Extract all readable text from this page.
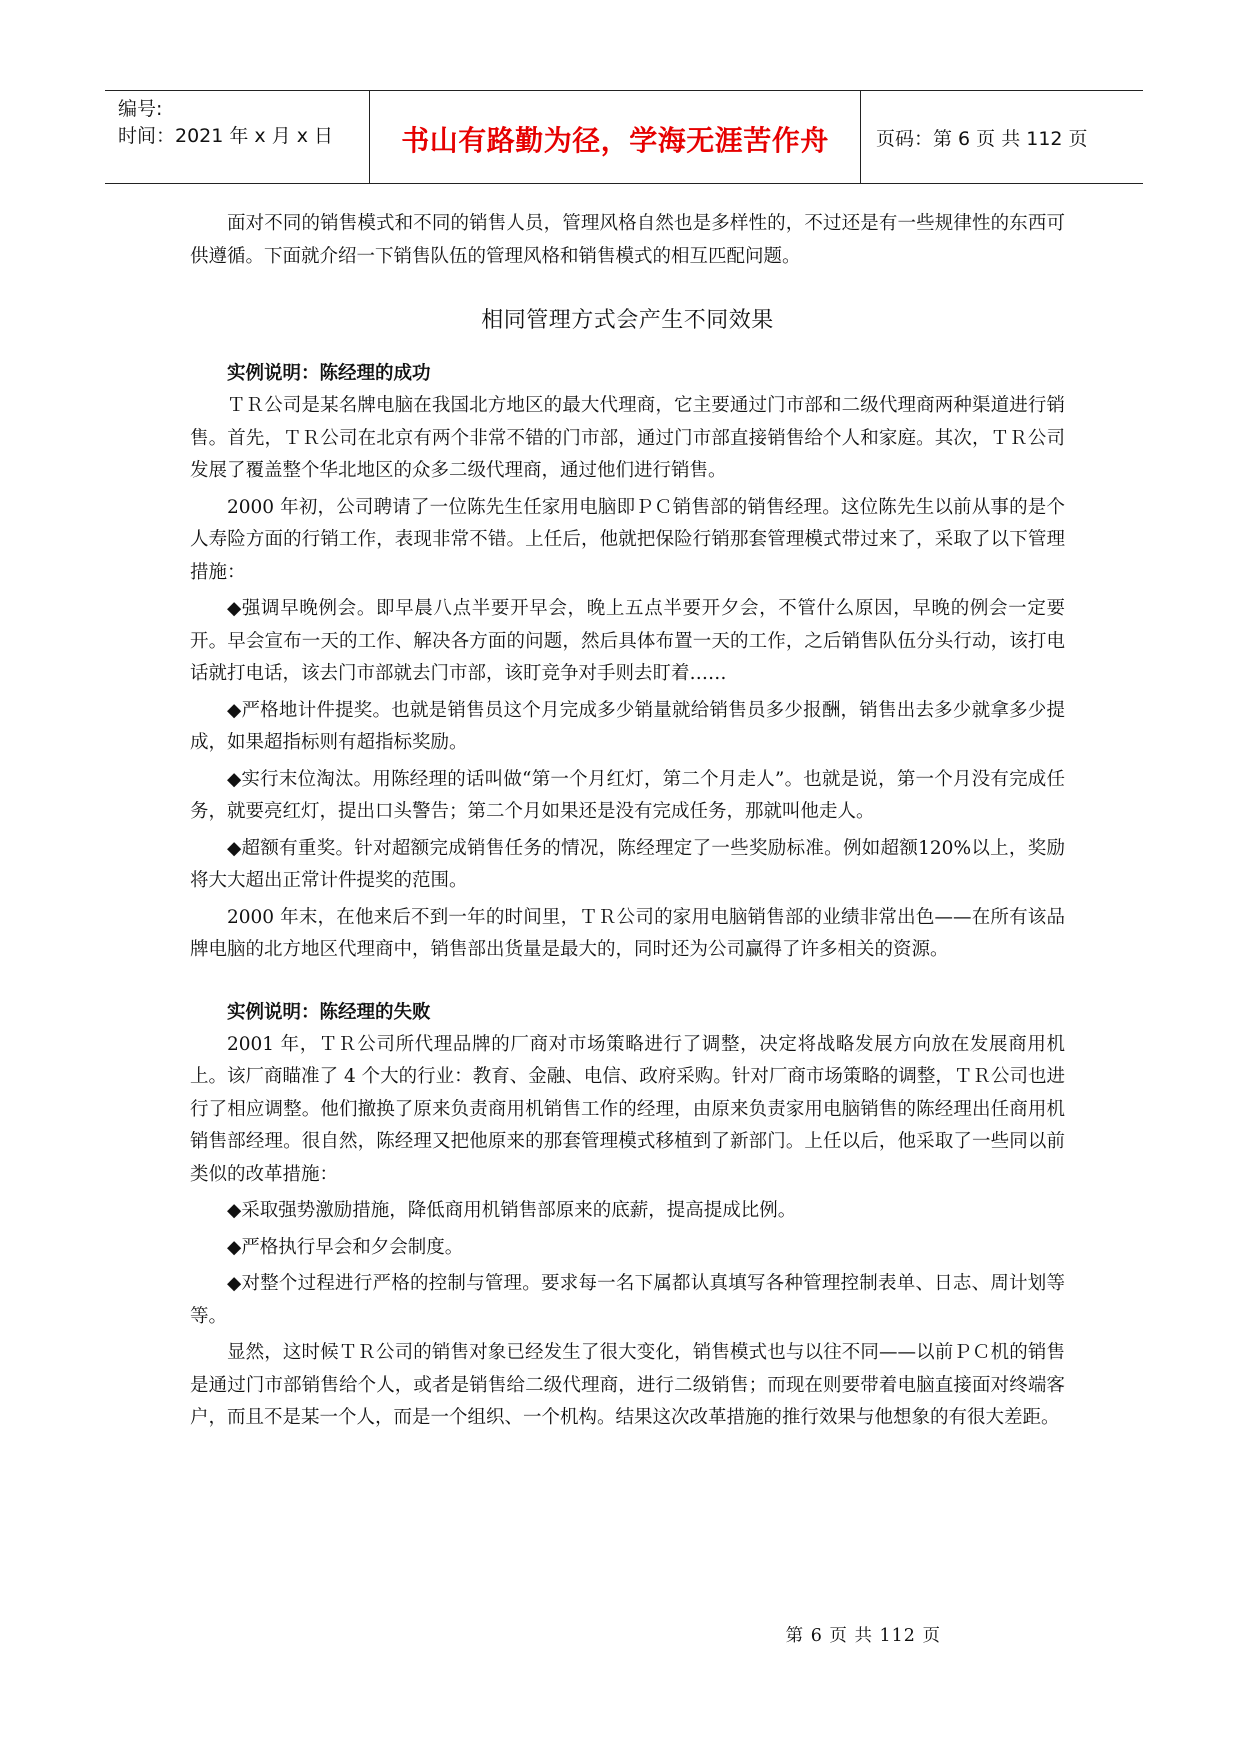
编号:
时间：2021 年 x 月 x 日	书山有路勤为径，学海无涯苦作舟	页码：第 6 页 共 112 页

面对不同的销售模式和不同的销售人员，管理风格自然也是多样性的，不过还是有一些规律性的东西可供遵循。下面就介绍一下销售队伍的管理风格和销售模式的相互匹配问题。

相同管理方式会产生不同效果
实例说明：陈经理的成功

ＴＲ公司是某名牌电脑在我国北方地区的最大代理商，它主要通过门市部和二级代理商两种渠道进行销售。首先，ＴＲ公司在北京有两个非常不错的门市部，通过门市部直接销售给个人和家庭。其次，ＴＲ公司发展了覆盖整个华北地区的众多二级代理商，通过他们进行销售。

2000 年初，公司聘请了一位陈先生任家用电脑即ＰＣ销售部的销售经理。这位陈先生以前从事的是个人寿险方面的行销工作，表现非常不错。上任后，他就把保险行销那套管理模式带过来了，采取了以下管理措施：

◆强调早晚例会。即早晨八点半要开早会，晚上五点半要开夕会，不管什么原因，早晚的例会一定要开。早会宣布一天的工作、解决各方面的问题，然后具体布置一天的工作，之后销售队伍分头行动，该打电话就打电话，该去门市部就去门市部，该盯竞争对手则去盯着……

◆严格地计件提奖。也就是销售员这个月完成多少销量就给销售员多少报酬，销售出去多少就拿多少提成，如果超指标则有超指标奖励。

◆实行末位淘汰。用陈经理的话叫做“第一个月红灯，第二个月走人”。也就是说，第一个月没有完成任务，就要亮红灯，提出口头警告；第二个月如果还是没有完成任务，那就叫他走人。

◆超额有重奖。针对超额完成销售任务的情况，陈经理定了一些奖励标准。例如超额120%以上，奖励将大大超出正常计件提奖的范围。

2000 年末，在他来后不到一年的时间里，ＴＲ公司的家用电脑销售部的业绩非常出色——在所有该品牌电脑的北方地区代理商中，销售部出货量是最大的，同时还为公司赢得了许多相关的资源。

实例说明：陈经理的失败

2001 年，ＴＲ公司所代理品牌的厂商对市场策略进行了调整，决定将战略发展方向放在发展商用机上。该厂商瞄准了 4 个大的行业：教育、金融、电信、政府采购。针对厂商市场策略的调整，ＴＲ公司也进行了相应调整。他们撤换了原来负责商用机销售工作的经理，由原来负责家用电脑销售的陈经理出任商用机销售部经理。很自然，陈经理又把他原来的那套管理模式移植到了新部门。上任以后，他采取了一些同以前类似的改革措施：

◆采取强势激励措施，降低商用机销售部原来的底薪，提高提成比例。

◆严格执行早会和夕会制度。

◆对整个过程进行严格的控制与管理。要求每一名下属都认真填写各种管理控制表单、日志、周计划等等。

显然，这时候ＴＲ公司的销售对象已经发生了很大变化，销售模式也与以往不同——以前ＰＣ机的销售是通过门市部销售给个人，或者是销售给二级代理商，进行二级销售；而现在则要带着电脑直接面对终端客户，而且不是某一个人，而是一个组织、一个机构。结果这次改革措施的推行效果与他想象的有很大差距。

第 6 页 共 112 页
